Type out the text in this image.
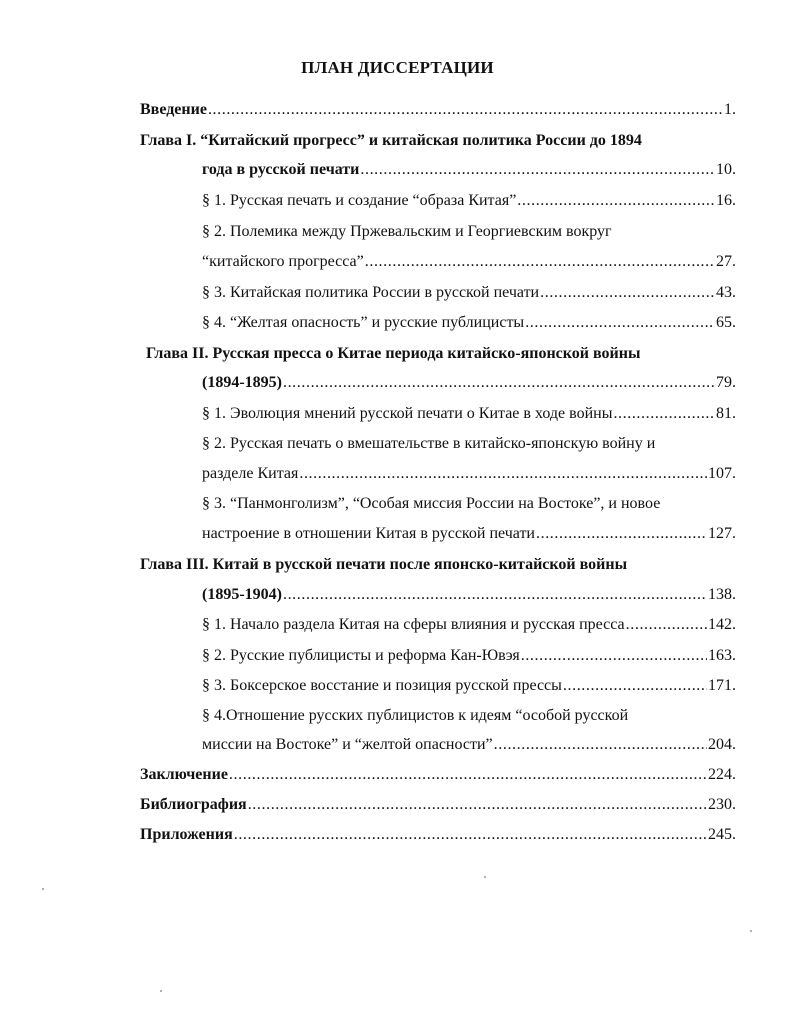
ПЛАН ДИССЕРТАЦИИ
Введение .....	1.
Глава I. “Китайский прогресс” и китайская политика России до 1894
года в русской печати .....	10.
§ 1. Русская печать и создание “образа Китая” .....	16.
§ 2. Полемика между Пржевальским и Георгиевским вокруг
“китайского прогресса” .....	27.
§ 3. Китайская политика России в русской печати .....	43.
§ 4. “Желтая опасность” и русские публицисты .....	65.
Глава II. Русская пресса о Китае периода китайско-японской войны
(1894-1895) .....	79.
§ 1. Эволюция мнений русской печати о Китае в ходе войны .....	81.
§ 2. Русская печать о вмешательстве в китайско-японскую войну и
разделе Китая .....	107.
§ 3. “Панмонголизм”, “Особая миссия России на Востоке”, и новое
настроение в отношении Китая в русской печати .....	127.
Глава III. Китай в русской печати после японско-китайской войны
(1895-1904) .....	138.
§ 1. Начало раздела Китая на сферы влияния и русская пресса .....	142.
§ 2. Русские публицисты и реформа Кан-Ювэя .....	163.
§ 3. Боксерское восстание и позиция русской прессы .....	171.
§ 4.Отношение русских публицистов к идеям “особой русской
миссии на Востоке” и “желтой опасности” .....	204.
Заключение .....	224.
Библиография .....	230.
Приложения .....	245.
